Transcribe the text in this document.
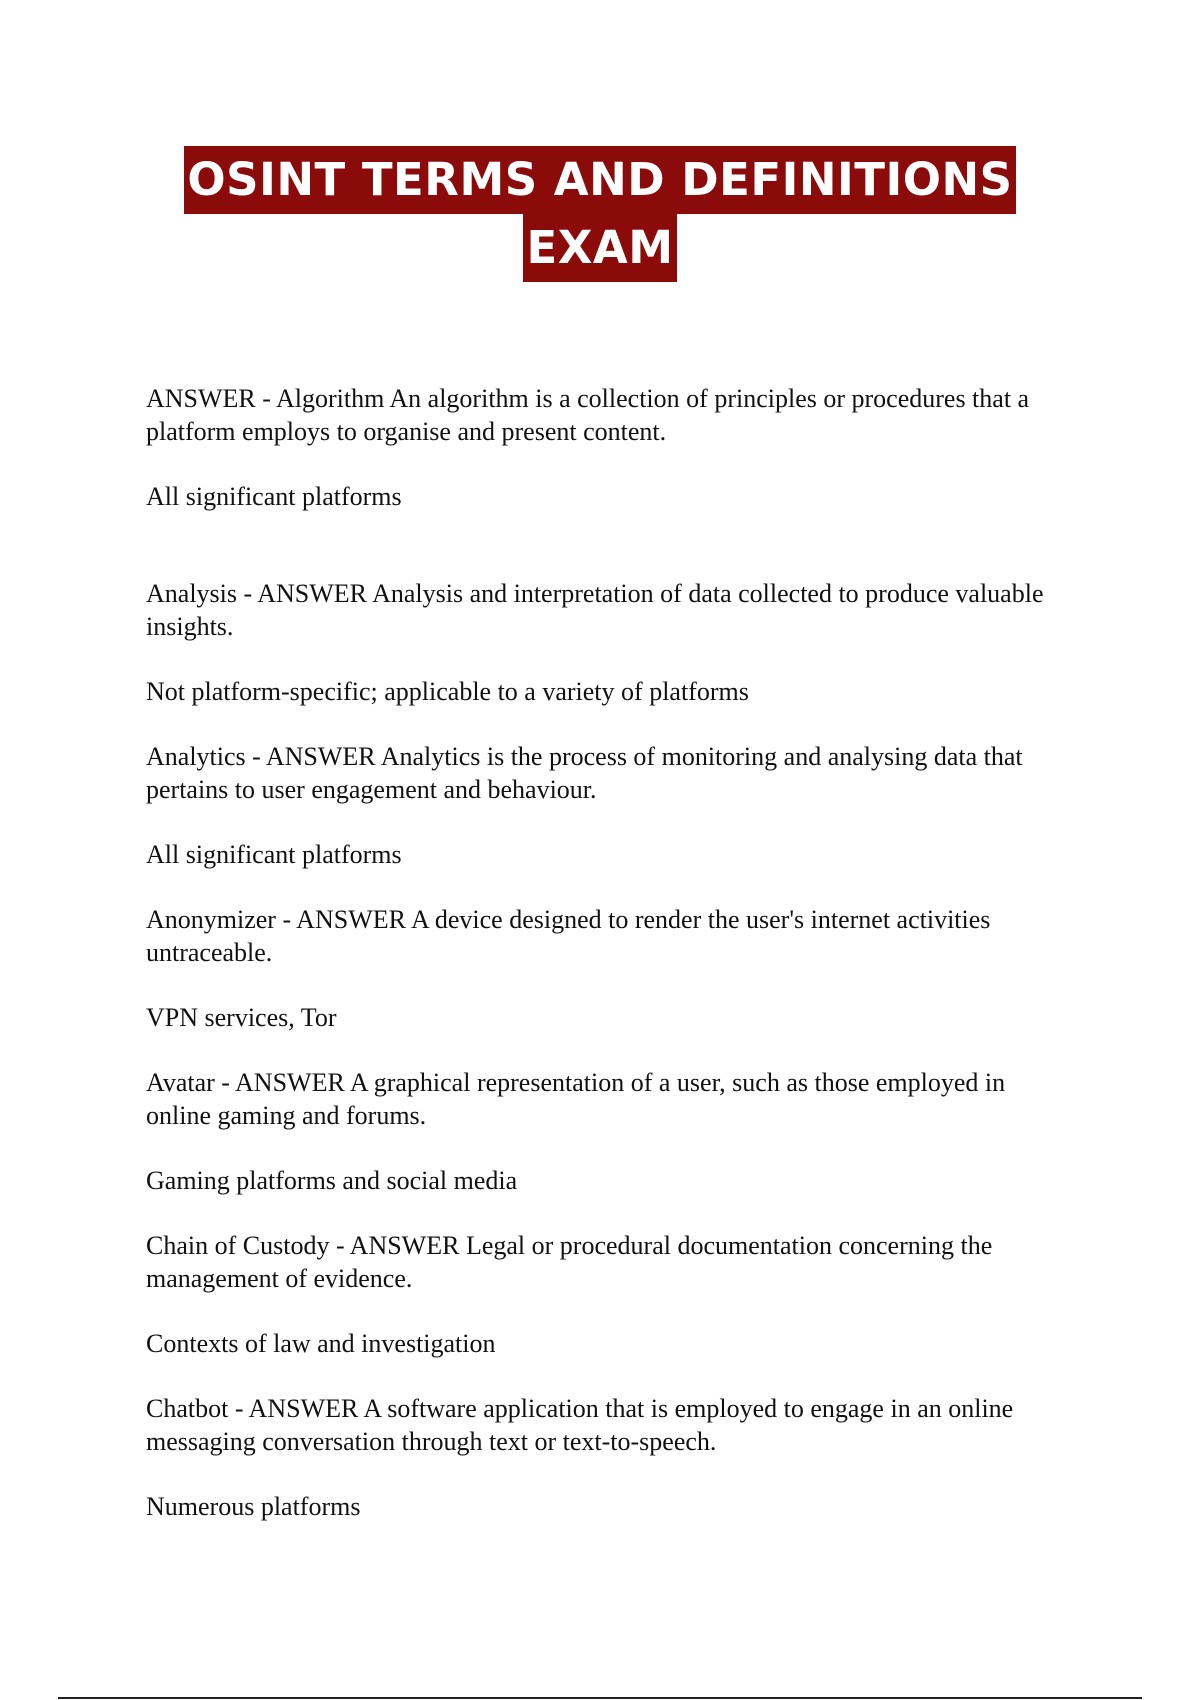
OSINT TERMS AND DEFINITIONS
EXAM

ANSWER - Algorithm An algorithm is a collection of principles or procedures that a platform employs to organise and present content.

All significant platforms

Analysis - ANSWER Analysis and interpretation of data collected to produce valuable insights.

Not platform-specific; applicable to a variety of platforms

Analytics - ANSWER Analytics is the process of monitoring and analysing data that pertains to user engagement and behaviour.

All significant platforms

Anonymizer - ANSWER A device designed to render the user's internet activities untraceable.

VPN services, Tor

Avatar - ANSWER A graphical representation of a user, such as those employed in online gaming and forums.

Gaming platforms and social media

Chain of Custody - ANSWER Legal or procedural documentation concerning the management of evidence.

Contexts of law and investigation

Chatbot - ANSWER A software application that is employed to engage in an online messaging conversation through text or text-to-speech.

Numerous platforms
